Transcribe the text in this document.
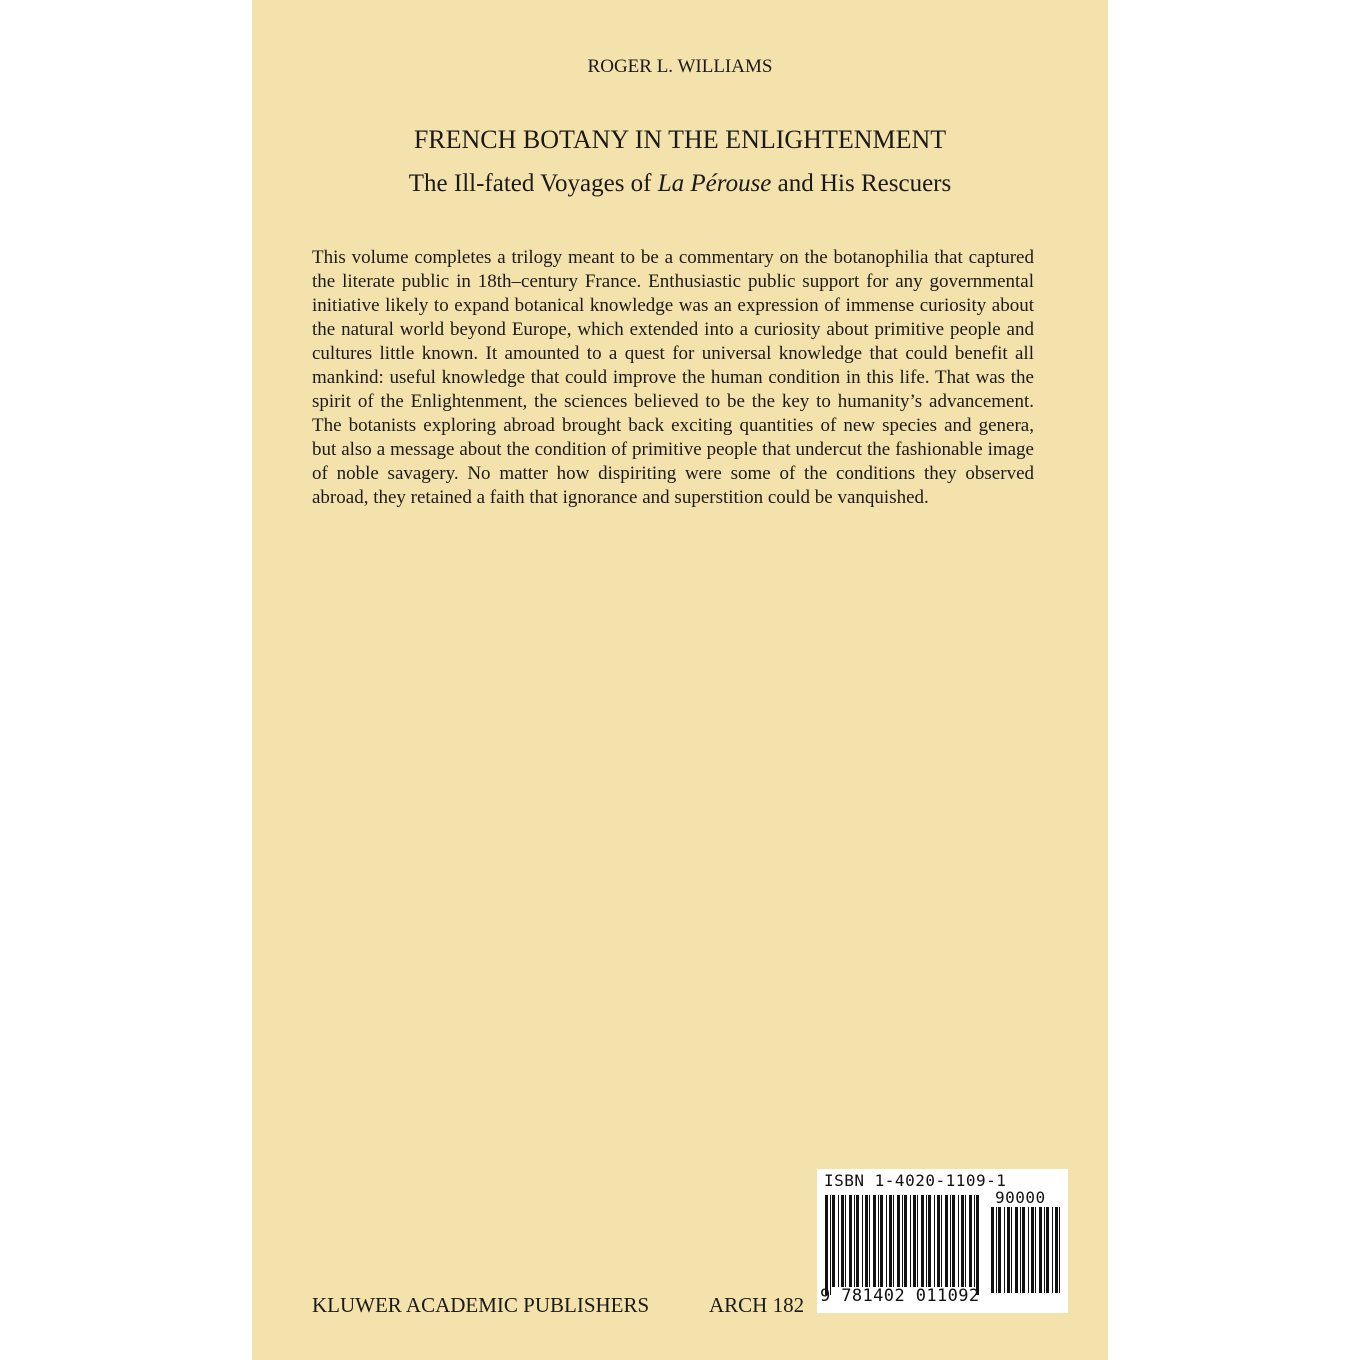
ROGER L. WILLIAMS
FRENCH BOTANY IN THE ENLIGHTENMENT
The Ill-fated Voyages of La Pérouse and His Rescuers

This volume completes a trilogy meant to be a commentary on the botanophilia that captured the literate public in 18th–century France. Enthusiastic public support for any governmental initiative likely to expand botanical knowledge was an expression of immense curiosity about the natural world beyond Europe, which extended into a curiosity about primitive people and cultures little known. It amounted to a quest for universal knowledge that could benefit all mankind: useful knowledge that could improve the human condition in this life. That was the spirit of the Enlightenment, the sciences believed to be the key to humanity’s advancement. The botanists exploring abroad brought back exciting quantities of new species and genera, but also a message about the condition of primitive people that undercut the fashionable image of noble savagery. No matter how dispiriting were some of the conditions they observed abroad, they retained a faith that ignorance and superstition could be vanquished.

KLUWER ACADEMIC PUBLISHERS	ARCH 182
ISBN 1-4020-1109-1
90000
9 781402 011092
